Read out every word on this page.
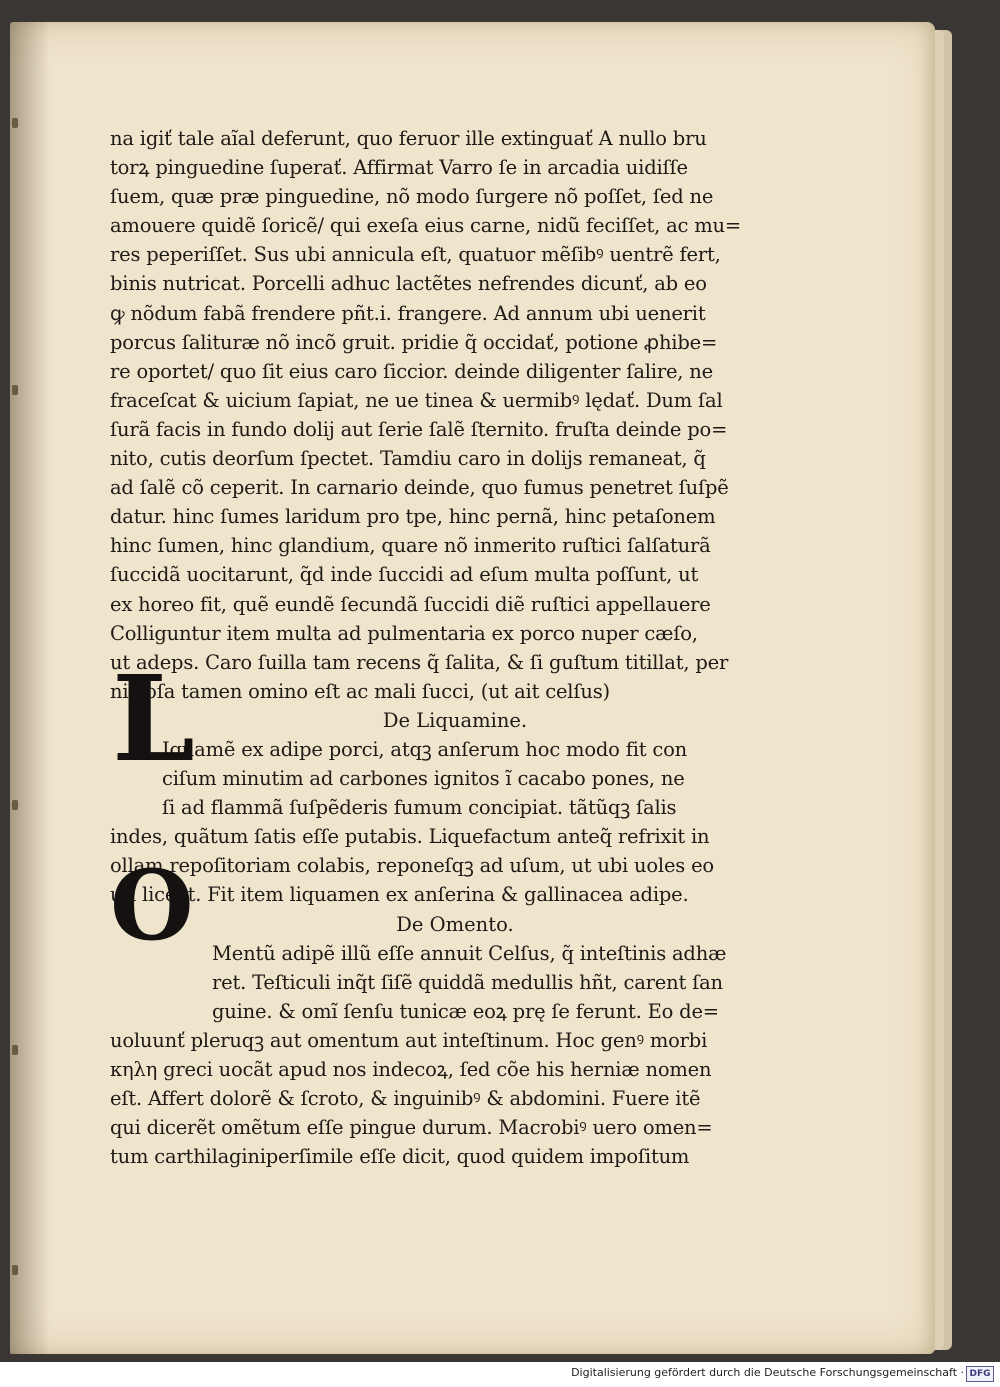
na igiť tale aĩal deferunt, quo feruor ille extinguať A nullo bru
torꝝ pinguedine ſuperať. Affirmat Varro ſe in arcadia uidiſſe
ſuem, quæ præ pinguedine, nõ modo ſurgere nõ poſſet, ſed ne
amouere quidẽ ſoricẽ/ qui exeſa eius carne, nidũ feciſſet, ac mu=
res peperiſſet. Sus ubi annicula eſt, quatuor mẽſibꝰ uentrẽ fert,
binis nutricat. Porcelli adhuc lactẽtes nefrendes dicunť, ab eo
ꝙ nõdum fabã frendere pñt.i. frangere. Ad annum ubi uenerit
porcus ſalituræ nõ incõ gruit. pridie q̃ occidať, potione ꝓhibe=
re oportet/ quo ſit eius caro ſiccior. deinde diligenter ſalire, ne
fraceſcat & uicium ſapiat, ne ue tinea & uermibꝰ lędať. Dum ſal
ſurã facis in fundo dolij aut ſerie ſalẽ ſternito. fruſta deinde po=
nito, cutis deorſum ſpectet. Tamdiu caro in dolijs remaneat, q̃
ad ſalẽ cõ ceperit. In carnario deinde, quo fumus penetret ſuſpẽ
datur. hinc ſumes laridum pro tpe, hinc pernã, hinc petaſonem
hinc ſumen, hinc glandium, quare nõ inmerito ruſtici ſalſaturã
ſuccidã uocitarunt, q̃d inde ſuccidi ad eſum multa poſſunt, ut
ex horeo fit, quẽ eundẽ ſecundã ſuccidi diẽ ruſtici appellauere
Colliguntur item multa ad pulmentaria ex porco nuper cæſo,
ut adeps. Caro ſuilla tam recens q̃ ſalita, & ſi guſtum titillat, per
nicioſa tamen omino eſt ac mali ſucci, (ut ait celſus)
De Liquamine.
Iquamẽ ex adipe porci, atqꝫ anſerum hoc modo fit con
ciſum minutim ad carbones ignitos ĩ cacabo pones, ne
ſi ad flammã ſuſpẽderis fumum concipiat. tãtũqꝫ ſalis
indes, quãtum ſatis eſſe putabis. Liquefactum anteq̃ refrixit in
ollam repoſitoriam colabis, reponeſqꝫ ad uſum, ut ubi uoles eo
uti liceat. Fit item liquamen ex anſerina & gallinacea adipe.
De Omento.
Mentũ adipẽ illũ eſſe annuit Celſus, q̃ inteſtinis adhæ
ret. Teſticuli inq̃t ſiſẽ quiddã medullis hñt, carent ſan
guine. & omĩ ſenſu tunicæ eoꝝ prę ſe ferunt. Eo de=
uoluunť pleruqꝫ aut omentum aut inteſtinum. Hoc genꝰ morbi
κηλη greci uocãt apud nos indecoꝝ, ſed cõe his herniæ nomen
eſt. Affert dolorẽ & ſcroto, & inguinibꝰ & abdomini. Fuere itẽ
qui dicerẽt omẽtum eſſe pingue durum. Macrobiꝰ uero omen=
tum carthilaginiperſimile eſſe dicit, quod quidem impoſitum
L
O
Digitalisierung gefördert durch die Deutsche Forschungsgemeinschaft · DFG
